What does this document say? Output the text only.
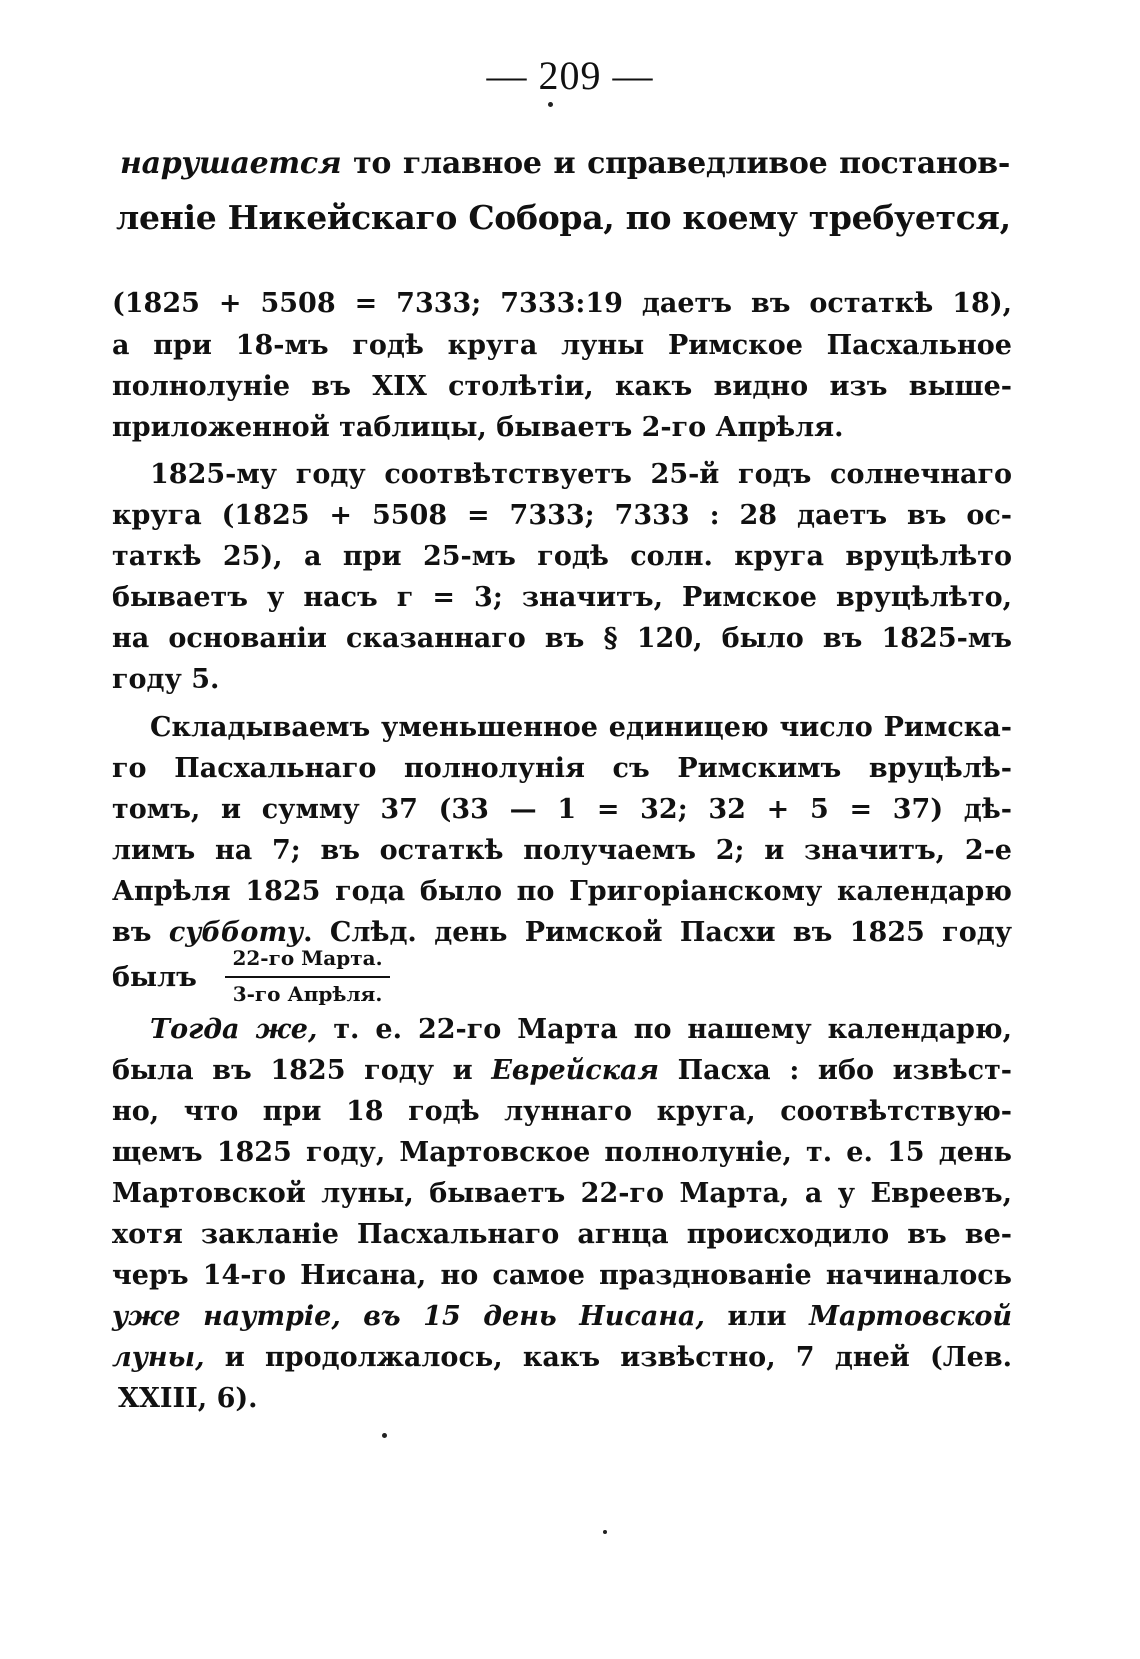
— 209 —
нарушается то главное и справедливое постанов-
леніе Никейскаго Собора, по коему требуется,
(1825 + 5508 = 7333; 7333:19 даетъ въ остаткѣ 18),
а при 18-мъ годѣ круга луны Римское Пасхальное
полнолуніе въ XIX столѣтіи, какъ видно изъ выше-
приложенной таблицы, бываетъ 2-го Апрѣля.
1825-му году соотвѣтствуетъ 25-й годъ солнечнаго
круга (1825 + 5508 = 7333; 7333 : 28 даетъ въ ос-
таткѣ 25), а при 25-мъ годѣ солн. круга вруцѣлѣто
бываетъ у насъ г = 3; значитъ, Римское вруцѣлѣто,
на основаніи сказаннаго въ § 120, было въ 1825-мъ
году 5.
Складываемъ уменьшенное единицею число Римска-
го Пасхальнаго полнолунія съ Римскимъ вруцѣлѣ-
томъ, и сумму 37 (33 — 1 = 32; 32 + 5 = 37) дѣ-
лимъ на 7; въ остаткѣ получаемъ 2; и значитъ, 2-е
Апрѣля 1825 года было по Григоріанскому календарю
въ субботу. Слѣд. день Римской Пасхи въ 1825 году
былъ
22-го Марта.
3-го Апрѣля.
Тогда же, т. е. 22-го Марта по нашему календарю,
была въ 1825 году и Еврейская Пасха : ибо извѣст-
но, что при 18 годѣ луннаго круга, соотвѣтствую-
щемъ 1825 году, Мартовское полнолуніе, т. е. 15 день
Мартовской луны, бываетъ 22-го Марта, а у Евреевъ,
хотя закланіе Пасхальнаго агнца происходило въ ве-
черъ 14-го Нисана, но самое празднованіе начиналось
уже наутріе, въ 15 день Нисана, или Мартовской
луны, и продолжалось, какъ извѣстно, 7 дней (Лев.
XXIII, 6).
